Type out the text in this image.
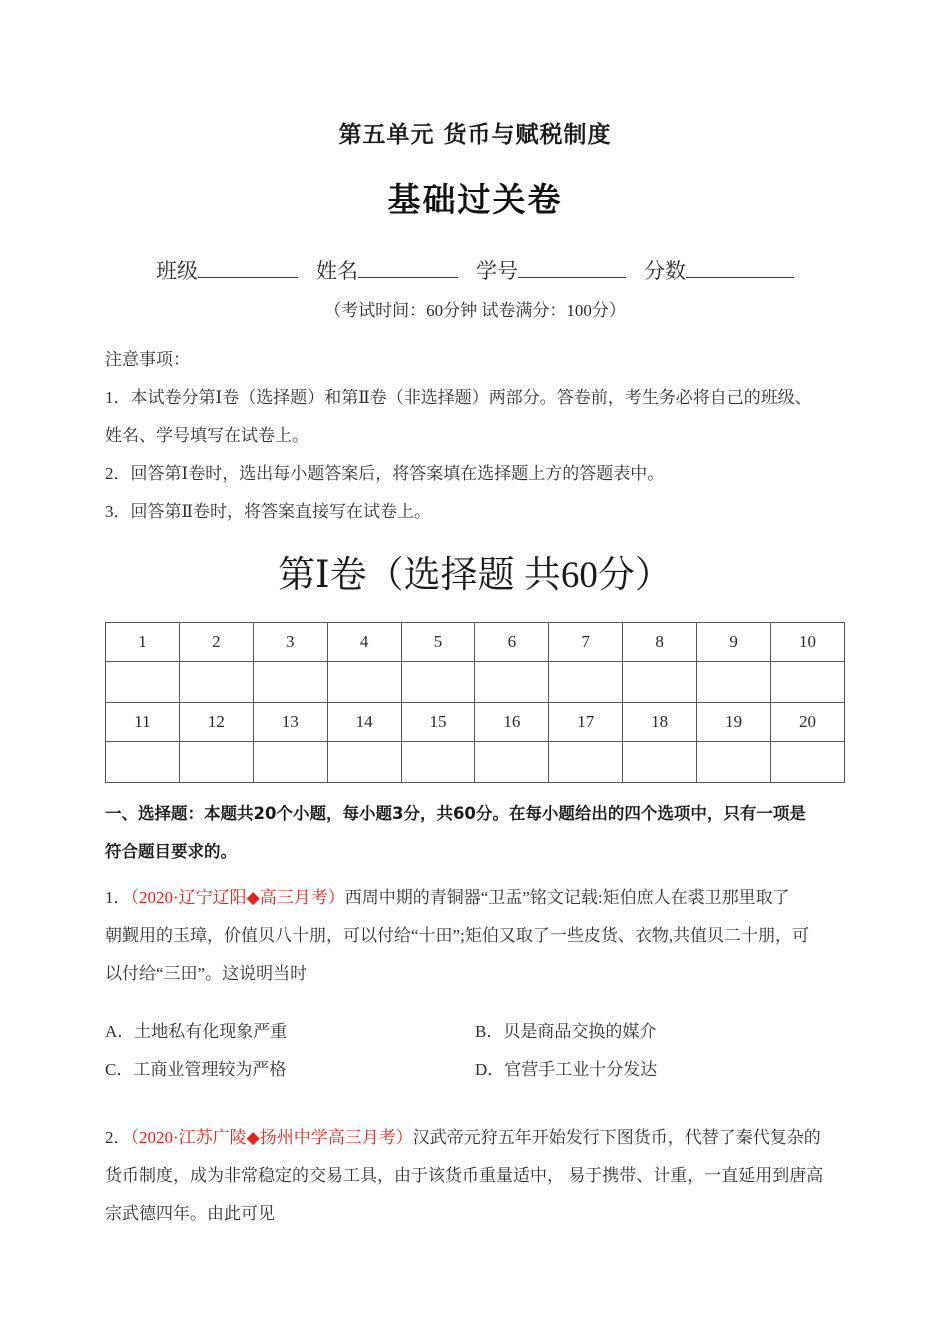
第五单元 货币与赋税制度
基础过关卷
班级	姓名	学号	分数
（考试时间：60分钟 试卷满分：100分）
注意事项：
1．本试卷分第Ⅰ卷（选择题）和第Ⅱ卷（非选择题）两部分。答卷前，考生务必将自己的班级、
姓名、学号填写在试卷上。
2．回答第Ⅰ卷时，选出每小题答案后，将答案填在选择题上方的答题表中。
3．回答第Ⅱ卷时，将答案直接写在试卷上。
第Ⅰ卷（选择题 共60分）
1	2	3	4	5	6	7	8	9	10

11	12	13	14	15	16	17	18	19	20

一、选择题：本题共20个小题，每小题3分，共60分。在每小题给出的四个选项中，只有一项是
符合题目要求的。
1．（2020·辽宁辽阳◆高三月考）西周中期的青铜器“卫盂”铭文记载:矩伯庶人在裘卫那里取了
朝觐用的玉璋，价值贝八十朋，可以付给“十田”;矩伯又取了一些皮货、衣物,共值贝二十朋，可
以付给“三田”。这说明当时
A．土地私有化现象严重	B．贝是商品交换的媒介
C．工商业管理较为严格	D．官营手工业十分发达
2．（2020·江苏广陵◆扬州中学高三月考）汉武帝元狩五年开始发行下图货币，代替了秦代复杂的
货币制度，成为非常稳定的交易工具，由于该货币重量适中， 易于携带、计重，一直延用到唐高
宗武德四年。由此可见
